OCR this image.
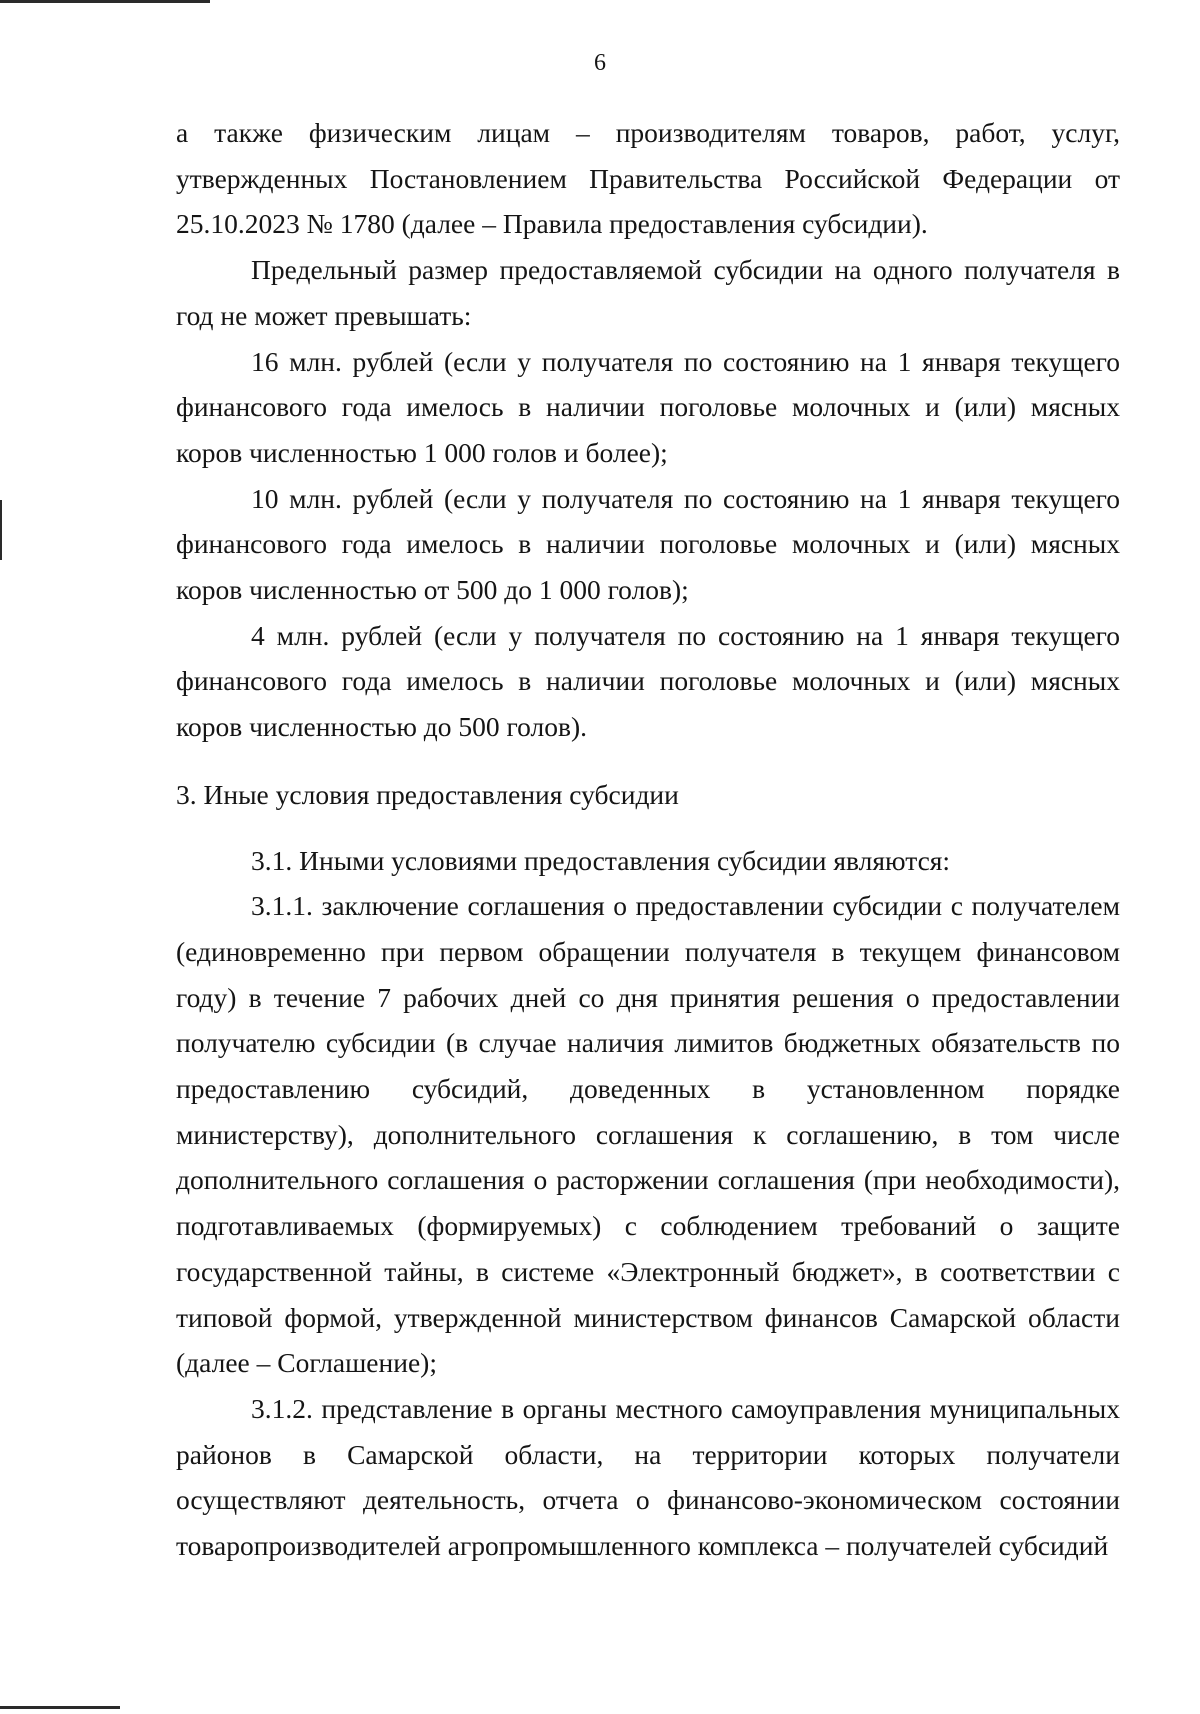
6

а также физическим лицам – производителям товаров, работ, услуг, утвержденных Постановлением Правительства Российской Федерации от 25.10.2023 № 1780 (далее – Правила предоставления субсидии).

Предельный размер предоставляемой субсидии на одного получателя в год не может превышать:

16 млн. рублей (если у получателя по состоянию на 1 января текущего финансового года имелось в наличии поголовье молочных и (или) мясных коров численностью 1 000 голов и более);

10 млн. рублей (если у получателя по состоянию на 1 января текущего финансового года имелось в наличии поголовье молочных и (или) мясных коров численностью от 500 до 1 000 голов);

4 млн. рублей (если у получателя по состоянию на 1 января текущего финансового года имелось в наличии поголовье молочных и (или) мясных коров численностью до 500 голов).

3. Иные условия предоставления субсидии

3.1. Иными условиями предоставления субсидии являются:

3.1.1. заключение соглашения о предоставлении субсидии с получателем (единовременно при первом обращении получателя в текущем финансовом году) в течение 7 рабочих дней со дня принятия решения о предоставлении получателю субсидии (в случае наличия лимитов бюджетных обязательств по предоставлению субсидий, доведенных в установленном порядке министерству), дополнительного соглашения к соглашению, в том числе дополнительного соглашения о расторжении соглашения (при необходимости), подготавливаемых (формируемых) с соблюдением требований о защите государственной тайны, в системе «Электронный бюджет», в соответствии с типовой формой, утвержденной министерством финансов Самарской области (далее – Соглашение);

3.1.2. представление в органы местного самоуправления муниципальных районов в Самарской области, на территории которых получатели осуществляют деятельность, отчета о финансово-экономическом состоянии товаропроизводителей агропромышленного комплекса – получателей субсидий
